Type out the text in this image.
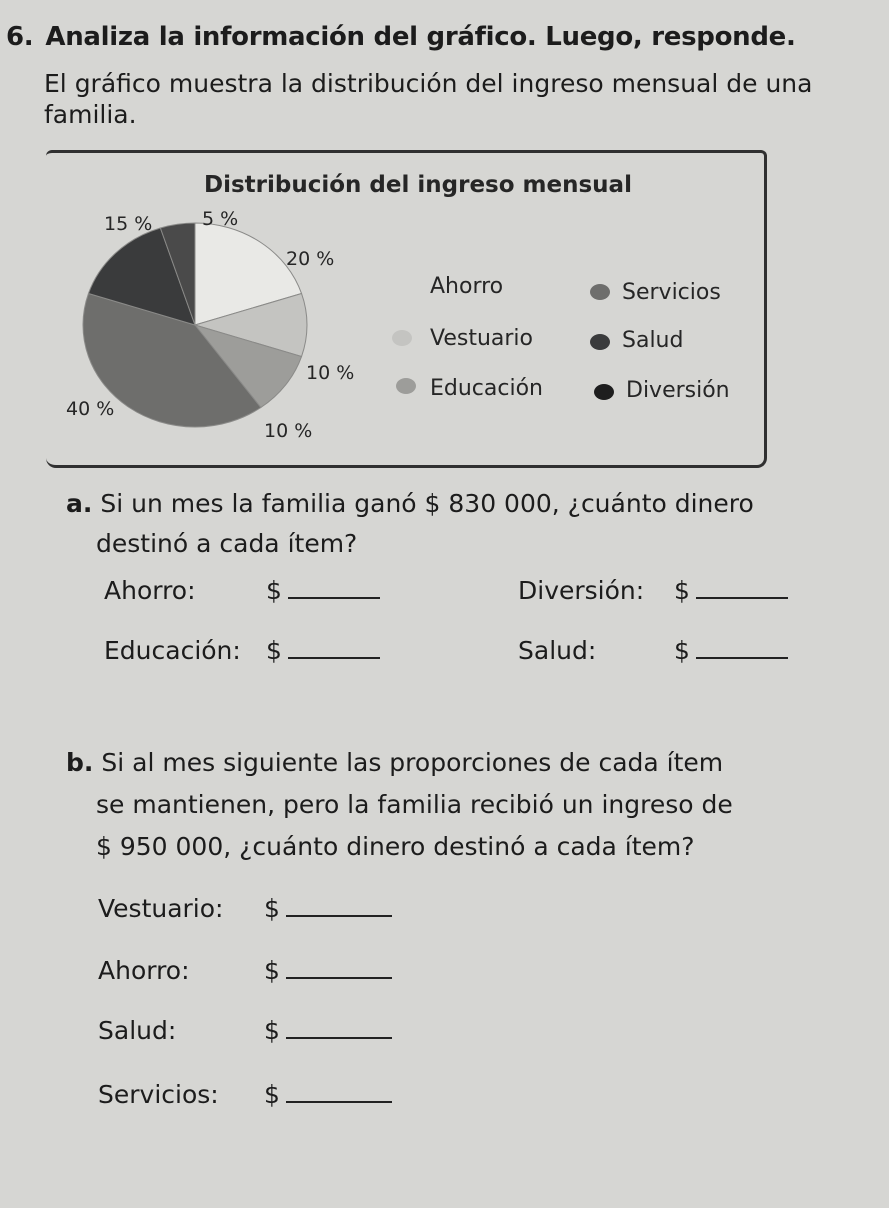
6. Analiza la información del gráfico. Luego, responde.
El gráfico muestra la distribución del ingreso mensual de una familia.
Distribución del ingreso mensual
20 %
10 %
10 %
40 %
15 %	5 %
Ahorro
Vestuario
Educación
Servicios
Salud
Diversión
a. Si un mes la familia ganó $ 830 000, ¿cuánto dinero
destinó a cada ítem?
Ahorro:	$	Diversión:	$
Educación:	$	Salud:	$
b. Si al mes siguiente las proporciones de cada ítem
se mantienen, pero la familia recibió un ingreso de
$ 950 000, ¿cuánto dinero destinó a cada ítem?
Vestuario:	$
Ahorro:	$
Salud:	$
Servicios:	$
